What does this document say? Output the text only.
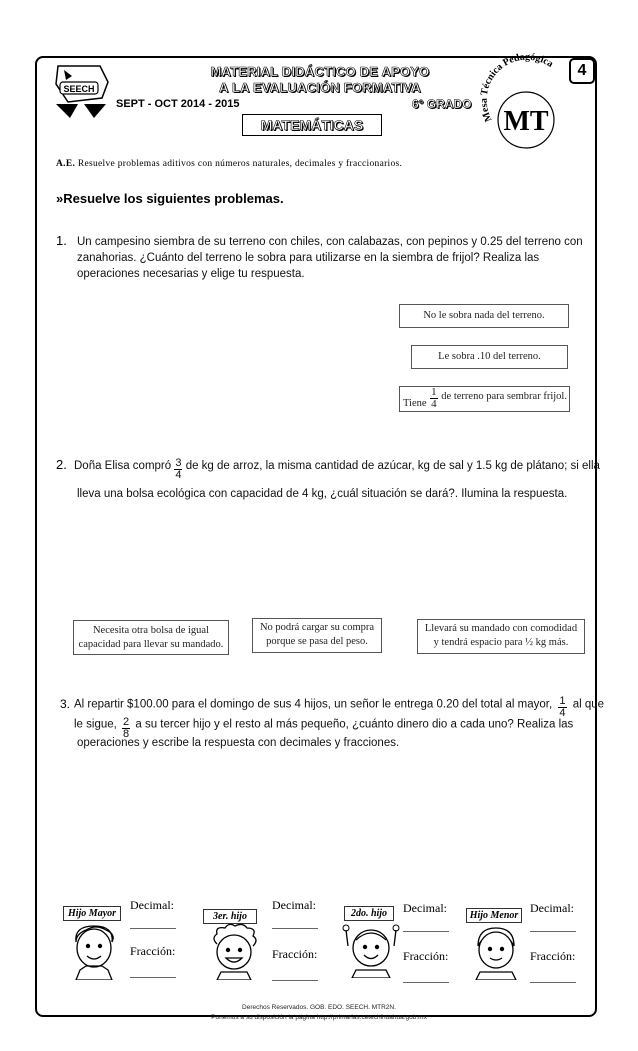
4
SEECH
Mesa Técnica Pedagógica
MT
MATERIAL DIDÁCTICO DE APOYO
A LA EVALUACIÓN FORMATIVA
SEPT - OCT 2014 - 2015	6° GRADO
MATEMÁTICAS
A.E. Resuelve problemas aditivos con números naturales, decimales y fraccionarios.
»Resuelve los siguientes problemas.
1. Un campesino siembra de su terreno con chiles, con calabazas, con pepinos y 0.25 del terreno con
zanahorias. ¿Cuánto del terreno le sobra para utilizarse en la siembra de frijol? Realiza las
operaciones necesarias y elige tu respuesta.
No le sobra nada del terreno.
Le sobra .10 del terreno.
Tiene $\frac{1}{4}$ de terreno para sembrar frijol.
2. Doña Elisa compró $\frac{3}{4}$ de kg de arroz, la misma cantidad de azúcar, kg de sal y 1.5 kg de plátano; si ella
lleva una bolsa ecológica con capacidad de 4 kg, ¿cuál situación se dará?. Ilumina la respuesta.
Necesita otra bolsa de igual
capacidad para llevar su mandado.
No podrá cargar su compra
porque se pasa del peso.
Llevará su mandado con comodidad
y tendrá espacio para ½ kg más.
3. Al repartir $100.00 para el domingo de sus 4 hijos, un señor le entrega 0.20 del total al mayor, $\frac{1}{4}$ al que
le sigue, $\frac{2}{8}$ a su tercer hijo y el resto al más pequeño, ¿cuánto dinero dio a cada uno? Realiza las
operaciones y escribe la respuesta con decimales y fracciones.
Hijo Mayor
Decimal:
Fracción:
3er. hijo
Decimal:
Fracción:
2do. hijo	Decimal:
Fracción:
Hijo Menor
Decimal:
Fracción:
Derechos Reservados. GOB. EDO. SEECH. MTR2N.
Ponemos a su disposición la página http://primarias.cetechihuahua.gob.mx
